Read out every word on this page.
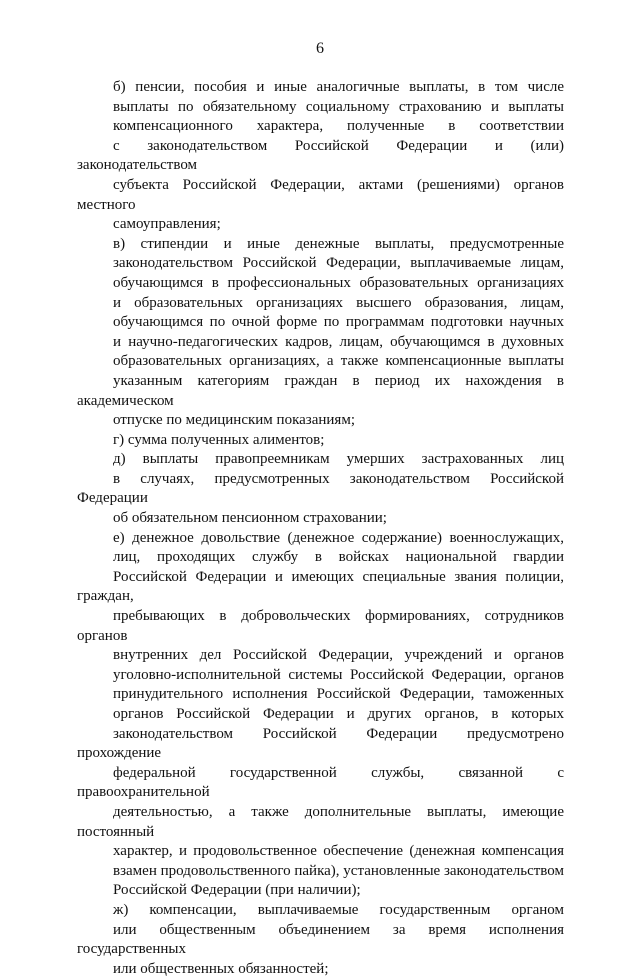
6
б) пенсии, пособия и иные аналогичные выплаты, в том числе
выплаты по обязательному социальному страхованию и выплаты
компенсационного характера, полученные в соответствии
с законодательством Российской Федерации и (или) законодательством
субъекта Российской Федерации, актами (решениями) органов местного
самоуправления;
в) стипендии и иные денежные выплаты, предусмотренные
законодательством Российской Федерации, выплачиваемые лицам,
обучающимся в профессиональных образовательных организациях
и образовательных организациях высшего образования, лицам,
обучающимся по очной форме по программам подготовки научных
и научно-педагогических кадров, лицам, обучающимся в духовных
образовательных организациях, а также компенсационные выплаты
указанным категориям граждан в период их нахождения в академическом
отпуске по медицинским показаниям;
г) сумма полученных алиментов;
д) выплаты правопреемникам умерших застрахованных лиц
в случаях, предусмотренных законодательством Российской Федерации
об обязательном пенсионном страховании;
е) денежное довольствие (денежное содержание) военнослужащих,
лиц, проходящих службу в войсках национальной гвардии
Российской Федерации и имеющих специальные звания полиции, граждан,
пребывающих в добровольческих формированиях, сотрудников органов
внутренних дел Российской Федерации, учреждений и органов
уголовно-исполнительной системы Российской Федерации, органов
принудительного исполнения Российской Федерации, таможенных
органов Российской Федерации и других органов, в которых
законодательством Российской Федерации предусмотрено прохождение
федеральной государственной службы, связанной с правоохранительной
деятельностью, а также дополнительные выплаты, имеющие постоянный
характер, и продовольственное обеспечение (денежная компенсация
взамен продовольственного пайка), установленные законодательством
Российской Федерации (при наличии);
ж) компенсации, выплачиваемые государственным органом
или общественным объединением за время исполнения государственных
или общественных обязанностей;
